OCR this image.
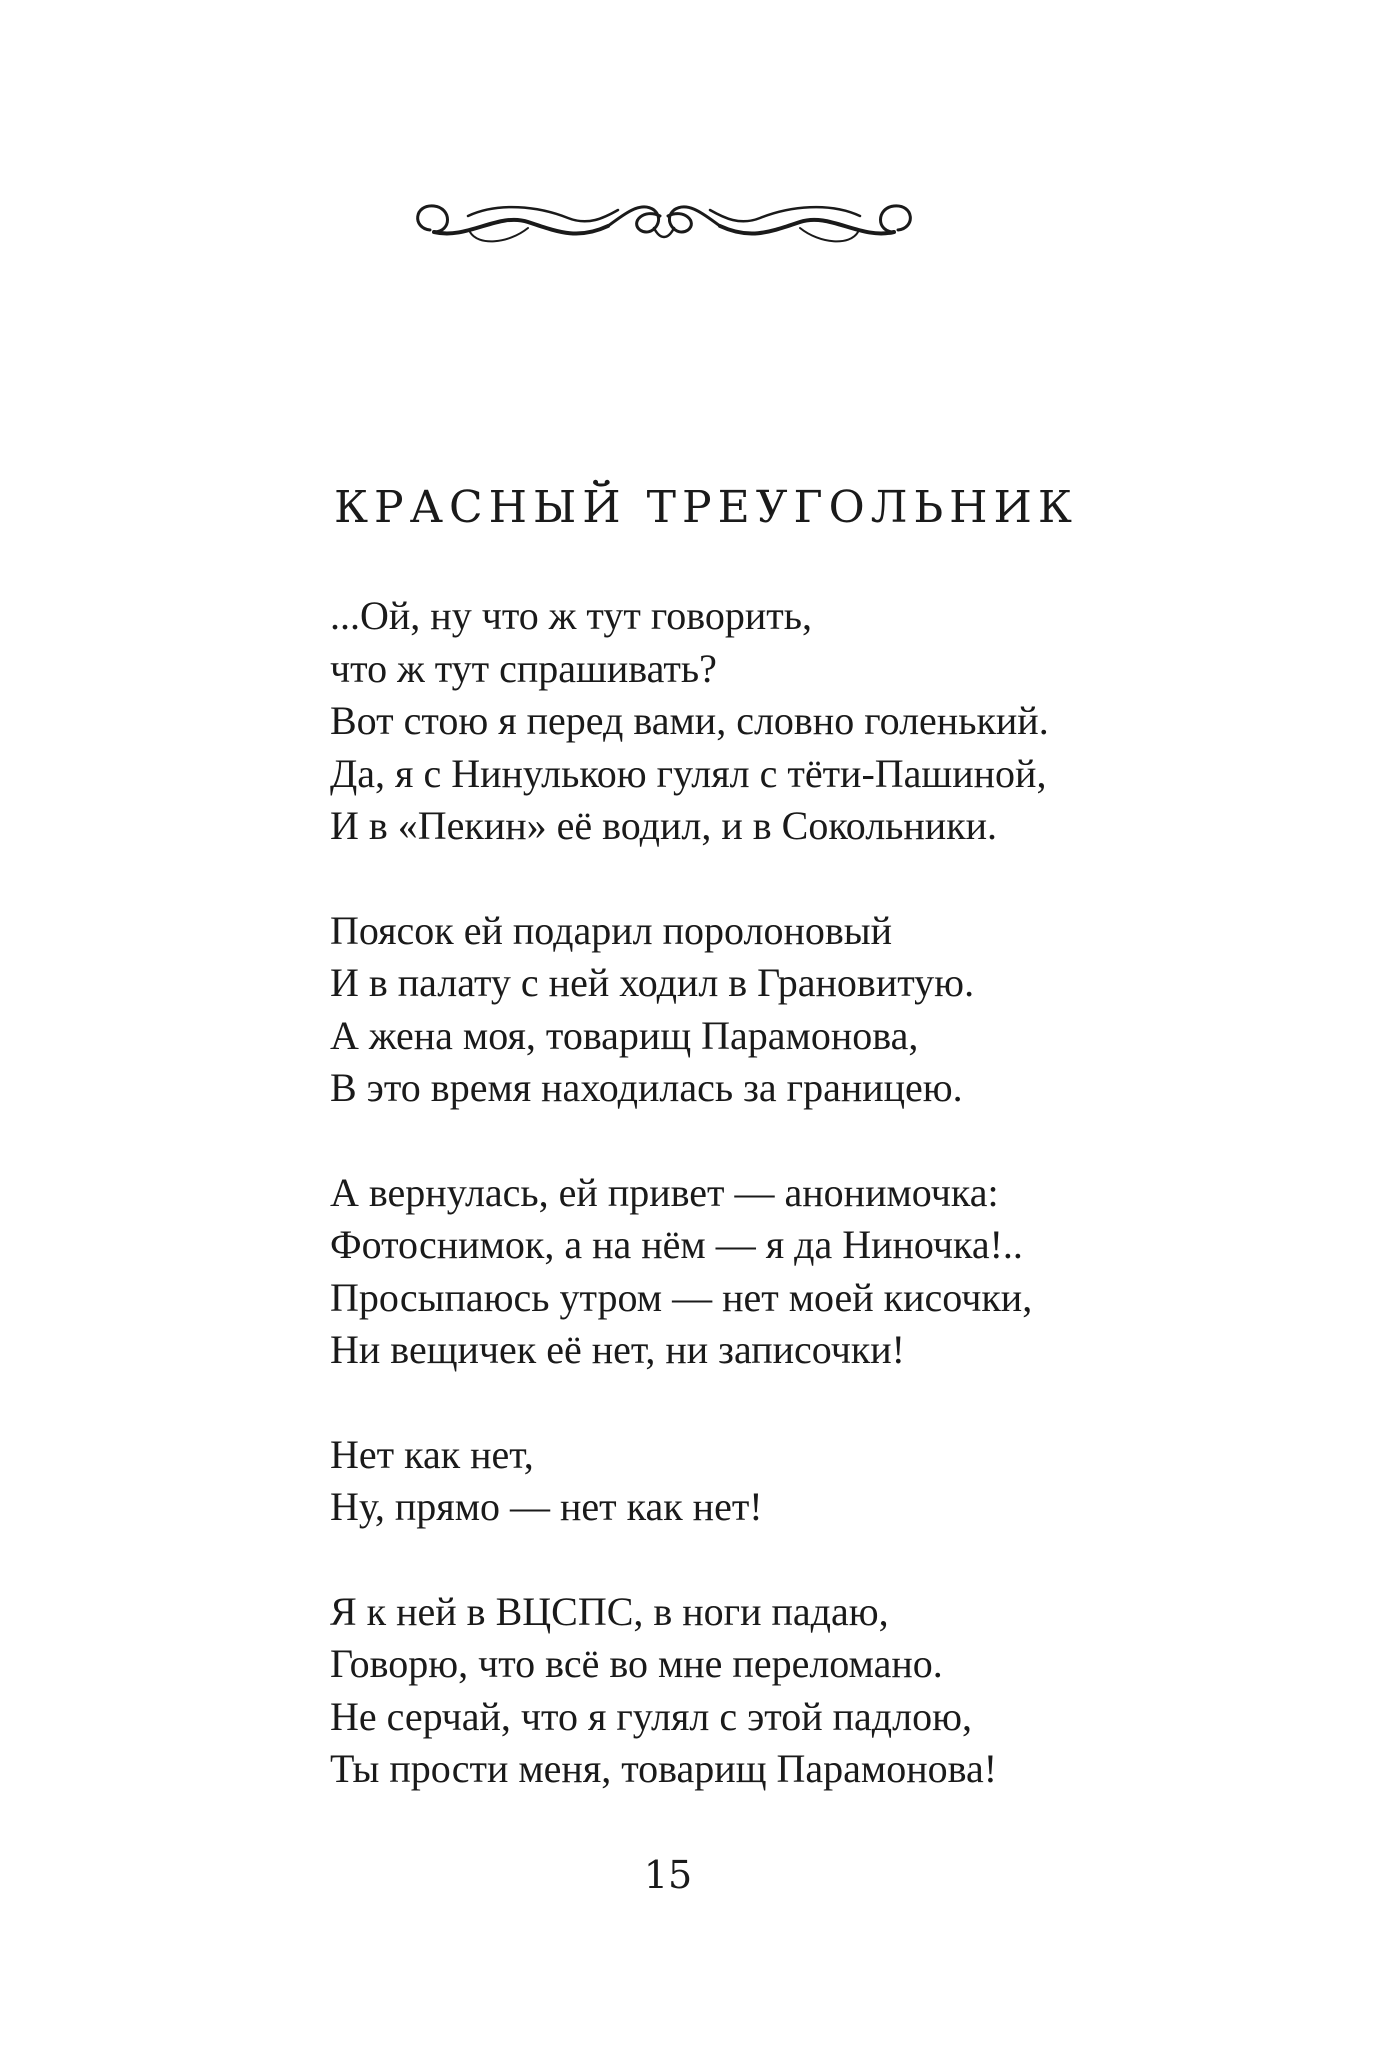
КРАСНЫЙ ТРЕУГОЛЬНИК

...Ой, ну что ж тут говорить,
что ж тут спрашивать?
Вот стою я перед вами, словно голенький.
Да, я с Нинулькою гулял с тёти-Пашиной,
И в «Пекин» её водил, и в Сокольники.

Поясок ей подарил поролоновый
И в палату с ней ходил в Грановитую.
А жена моя, товарищ Парамонова,
В это время находилась за границею.

А вернулась, ей привет — анонимочка:
Фотоснимок, а на нём — я да Ниночка!..
Просыпаюсь утром — нет моей кисочки,
Ни вещичек её нет, ни записочки!

Нет как нет,
Ну, прямо — нет как нет!

Я к ней в ВЦСПС, в ноги падаю,
Говорю, что всё во мне переломано.
Не серчай, что я гулял с этой падлою,
Ты прости меня, товарищ Парамонова!

15
